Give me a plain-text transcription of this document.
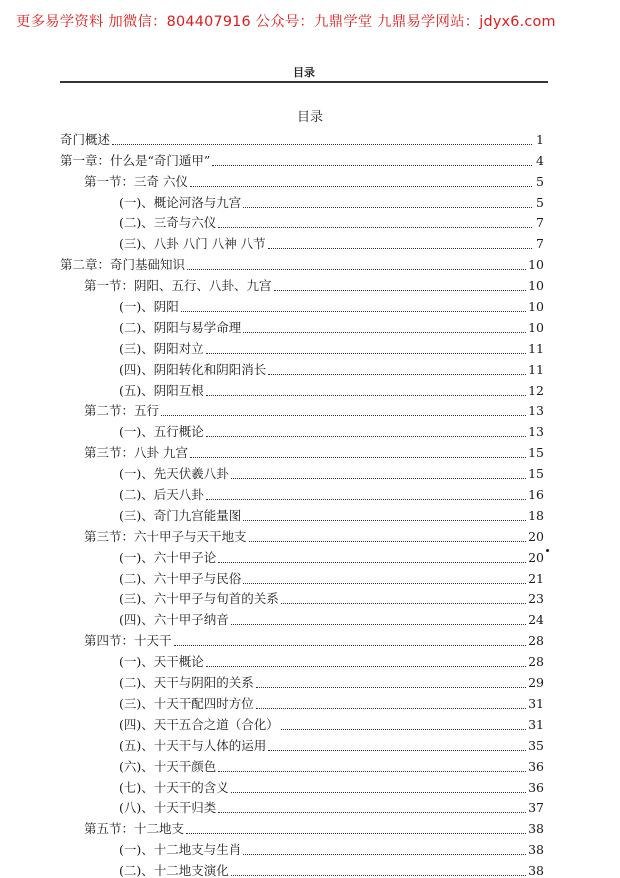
更多易学资料 加微信：804407916 公众号：九鼎学堂 九鼎易学网站：jdyx6.com
目录
目录
奇门概述	1
第一章：什么是“奇门遁甲”	4
第一节：三奇 六仪	5
(一)、概论河洛与九宫	5
(二)、三奇与六仪	7
(三)、八卦 八门 八神 八节	7
第二章：奇门基础知识	10
第一节：阴阳、五行、八卦、九宫	10
(一)、阴阳	10
(二)、阴阳与易学命理	10
(三)、阴阳对立	11
(四)、阴阳转化和阴阳消长	11
(五)、阴阳互根	12
第二节：五行	13
(一)、五行概论	13
第三节：八卦 九宫	15
(一)、先天伏羲八卦	15
(二)、后天八卦	16
(三)、奇门九宫能量图	18
第三节：六十甲子与天干地支	20
(一)、六十甲子论	20
(二)、六十甲子与民俗	21
(三)、六十甲子与旬首的关系	23
(四)、六十甲子纳音	24
第四节：十天干	28
(一)、天干概论	28
(二)、天干与阴阳的关系	29
(三)、十天干配四时方位	31
(四)、天干五合之道（合化）	31
(五)、十天干与人体的运用	35
(六)、十天干颜色	36
(七)、十天干的含义	36
(八)、十天干归类	37
第五节：十二地支	38
(一)、十二地支与生肖	38
(二)、十二地支演化	38
